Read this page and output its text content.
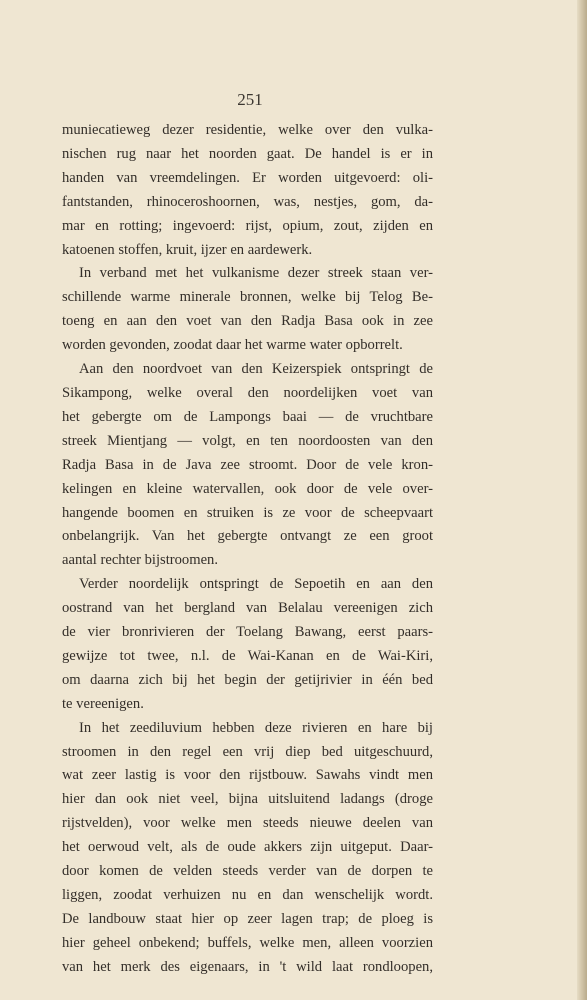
251

muniecatieweg dezer residentie, welke over den vulka-
nischen rug naar het noorden gaat. De handel is er in
handen van vreemdelingen. Er worden uitgevoerd: oli-
fantstanden, rhinoceroshoornen, was, nestjes, gom, da-
mar en rotting; ingevoerd: rijst, opium, zout, zijden en
katoenen stoffen, kruit, ijzer en aardewerk.

In verband met het vulkanisme dezer streek staan ver-
schillende warme minerale bronnen, welke bij Telog Be-
toeng en aan den voet van den Radja Basa ook in zee
worden gevonden, zoodat daar het warme water opborrelt.

Aan den noordvoet van den Keizerspiek ontspringt de
Sikampong, welke overal den noordelijken voet van
het gebergte om de Lampongs baai — de vruchtbare
streek Mientjang — volgt, en ten noordoosten van den
Radja Basa in de Java zee stroomt. Door de vele kron-
kelingen en kleine watervallen, ook door de vele over-
hangende boomen en struiken is ze voor de scheepvaart
onbelangrijk. Van het gebergte ontvangt ze een groot
aantal rechter bijstroomen.

Verder noordelijk ontspringt de Sepoetih en aan den
oostrand van het bergland van Belalau vereenigen zich
de vier bronrivieren der Toelang Bawang, eerst paars-
gewijze tot twee, n.l. de Wai-Kanan en de Wai-Kiri,
om daarna zich bij het begin der getijrivier in één bed
te vereenigen.

In het zeediluvium hebben deze rivieren en hare bij
stroomen in den regel een vrij diep bed uitgeschuurd,
wat zeer lastig is voor den rijstbouw. Sawahs vindt men
hier dan ook niet veel, bijna uitsluitend ladangs (droge
rijstvelden), voor welke men steeds nieuwe deelen van
het oerwoud velt, als de oude akkers zijn uitgeput. Daar-
door komen de velden steeds verder van de dorpen te
liggen, zoodat verhuizen nu en dan wenschelijk wordt.
De landbouw staat hier op zeer lagen trap; de ploeg is
hier geheel onbekend; buffels, welke men, alleen voorzien
van het merk des eigenaars, in 't wild laat rondloopen,
